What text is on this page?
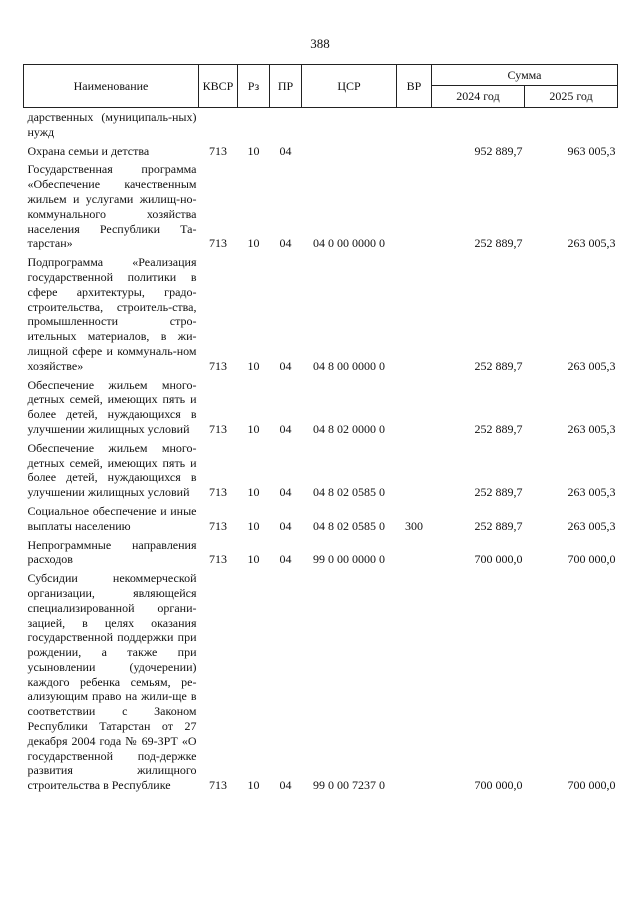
388
Наименование	КВСР	Рз	ПР	ЦСР	ВР	Сумма	
						2024 год	2025 год
дарственных (муниципаль-ных) нужд							
Охрана семьи и детства	713	10	04			952 889,7	963 005,3
Государственная программа «Обеспечение качественным жильем и услугами жилищ-но-коммунального хозяйства населения Республики Та-тарстан»	713	10	04	04 0 00 0000 0		252 889,7	263 005,3
Подпрограмма «Реализация государственной политики в сфере архитектуры, градо-строительства, строитель-ства, промышленности стро-ительных материалов, в жи-лищной сфере и коммуналь-ном хозяйстве»	713	10	04	04 8 00 0000 0		252 889,7	263 005,3
Обеспечение жильем много-детных семей, имеющих пять и более детей, нуждающихся в улучшении жилищных условий	713	10	04	04 8 02 0000 0		252 889,7	263 005,3
Обеспечение жильем много-детных семей, имеющих пять и более детей, нуждающихся в улучшении жилищных условий	713	10	04	04 8 02 0585 0		252 889,7	263 005,3
Социальное обеспечение и иные выплаты населению	713	10	04	04 8 02 0585 0	300	252 889,7	263 005,3
Непрограммные направления расходов	713	10	04	99 0 00 0000 0		700 000,0	700 000,0
Субсидии некоммерческой организации, являющейся специализированной органи-зацией, в целях оказания государственной поддержки при рождении, а также при усыновлении (удочерении) каждого ребенка семьям, ре-ализующим право на жили-ще в соответствии с Законом Республики Татарстан от 27 декабря 2004 года № 69-ЗРТ «О государственной под-держке развития жилищного строительства в Республике	713	10	04	99 0 00 7237 0		700 000,0	700 000,0
